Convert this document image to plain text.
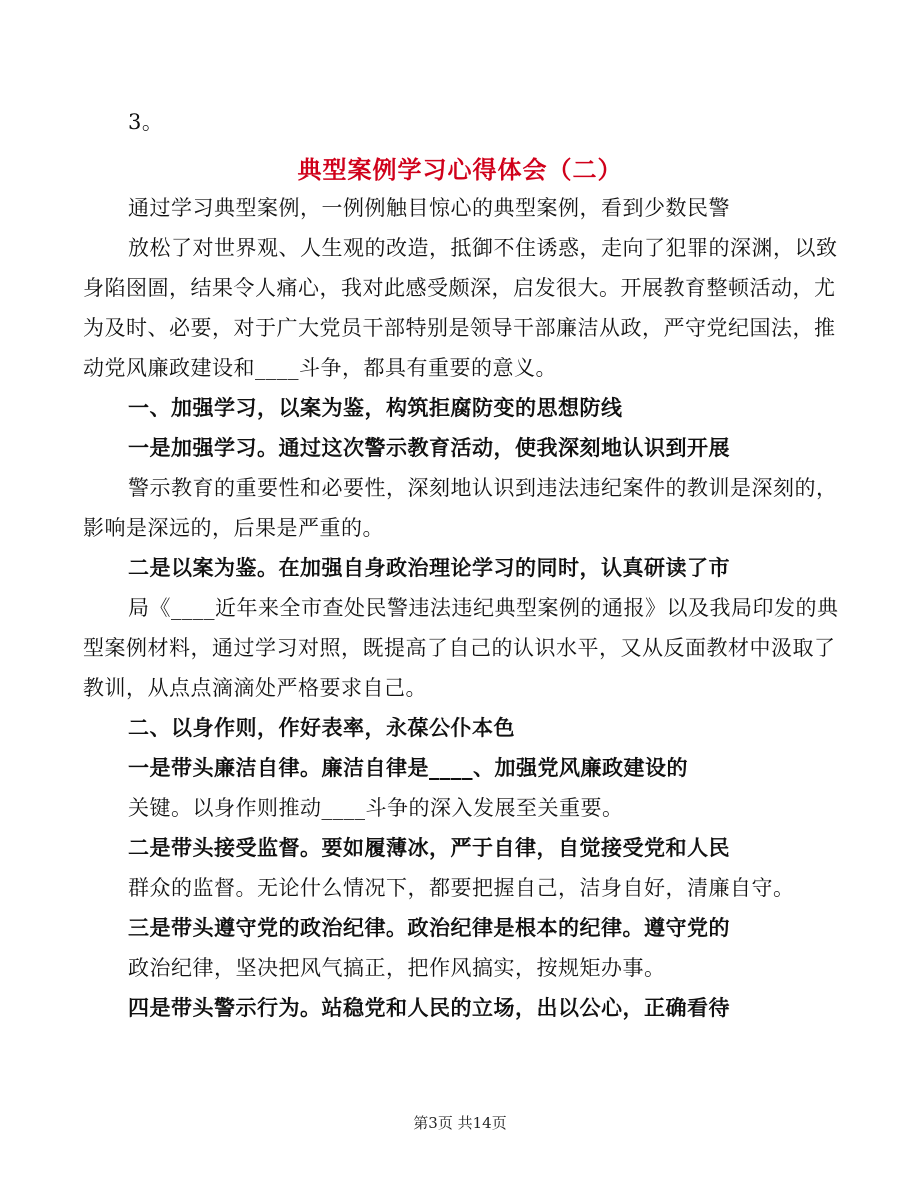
3。
典型案例学习心得体会（二）
通过学习典型案例，一例例触目惊心的典型案例，看到少数民警
放松了对世界观、人生观的改造，抵御不住诱惑，走向了犯罪的深渊，以致
身陷囹圄，结果令人痛心，我对此感受颇深，启发很大。开展教育整顿活动，尤
为及时、必要，对于广大党员干部特别是领导干部廉洁从政，严守党纪国法，推
动党风廉政建设和____斗争，都具有重要的意义。
一、加强学习，以案为鉴，构筑拒腐防变的思想防线
一是加强学习。通过这次警示教育活动，使我深刻地认识到开展
警示教育的重要性和必要性，深刻地认识到违法违纪案件的教训是深刻的，
影响是深远的，后果是严重的。
二是以案为鉴。在加强自身政治理论学习的同时，认真研读了市
局《____近年来全市查处民警违法违纪典型案例的通报》以及我局印发的典
型案例材料，通过学习对照，既提高了自己的认识水平，又从反面教材中汲取了
教训，从点点滴滴处严格要求自己。
二、以身作则，作好表率，永葆公仆本色
一是带头廉洁自律。廉洁自律是____、加强党风廉政建设的
关键。以身作则推动____斗争的深入发展至关重要。
二是带头接受监督。要如履薄冰，严于自律，自觉接受党和人民
群众的监督。无论什么情况下，都要把握自己，洁身自好，清廉自守。
三是带头遵守党的政治纪律。政治纪律是根本的纪律。遵守党的
政治纪律，坚决把风气搞正，把作风搞实，按规矩办事。
四是带头警示行为。站稳党和人民的立场，出以公心，正确看待
第3页 共14页
